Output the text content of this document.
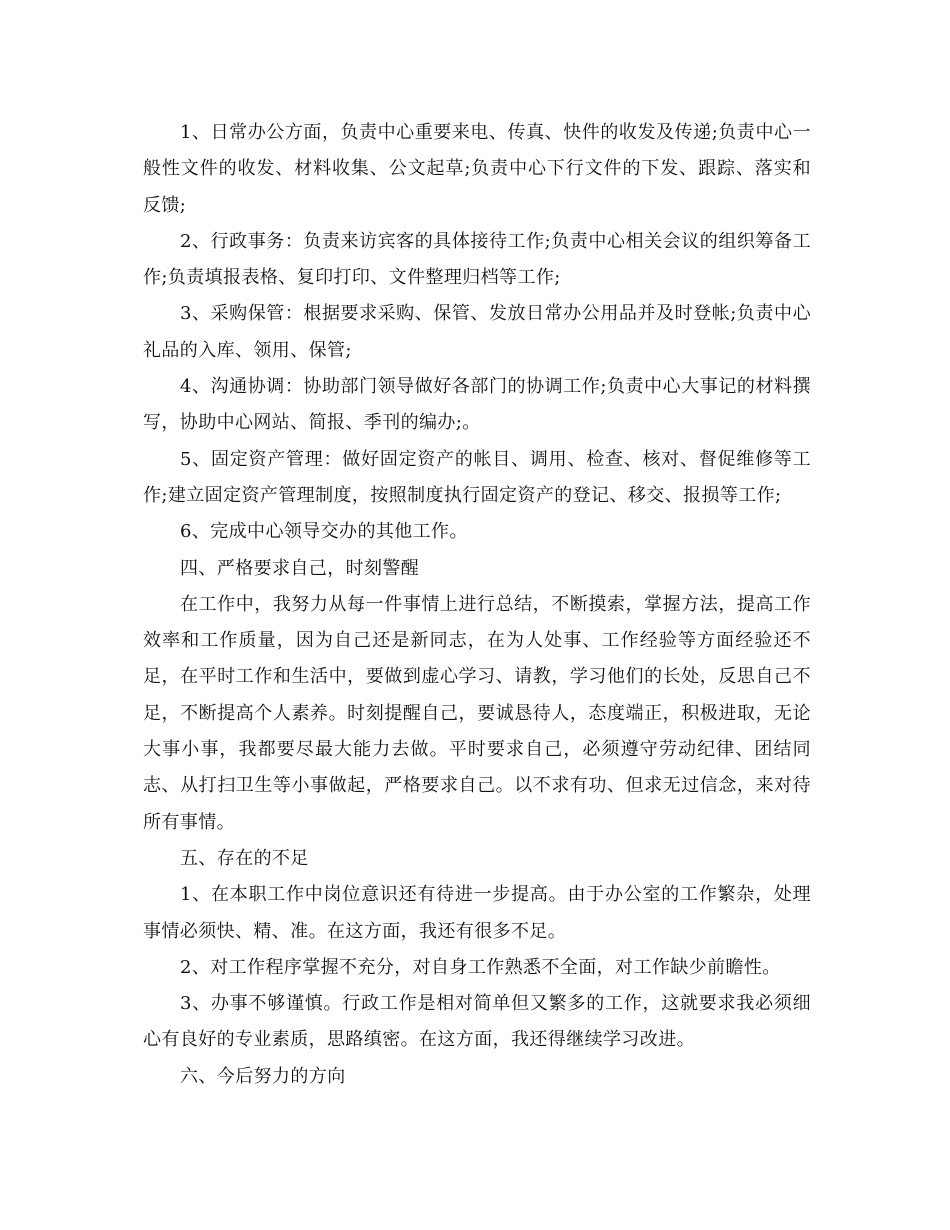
1、日常办公方面，负责中心重要来电、传真、快件的收发及传递;负责中心一般性文件的收发、材料收集、公文起草;负责中心下行文件的下发、跟踪、落实和反馈;

2、行政事务：负责来访宾客的具体接待工作;负责中心相关会议的组织筹备工作;负责填报表格、复印打印、文件整理归档等工作;

3、采购保管：根据要求采购、保管、发放日常办公用品并及时登帐;负责中心礼品的入库、领用、保管;

4、沟通协调：协助部门领导做好各部门的协调工作;负责中心大事记的材料撰写，协助中心网站、简报、季刊的编办;。

5、固定资产管理：做好固定资产的帐目、调用、检查、核对、督促维修等工作;建立固定资产管理制度，按照制度执行固定资产的登记、移交、报损等工作;

6、完成中心领导交办的其他工作。

四、严格要求自己，时刻警醒

在工作中，我努力从每一件事情上进行总结，不断摸索，掌握方法，提高工作效率和工作质量，因为自己还是新同志，在为人处事、工作经验等方面经验还不足，在平时工作和生活中，要做到虚心学习、请教，学习他们的长处，反思自己不足，不断提高个人素养。时刻提醒自己，要诚恳待人，态度端正，积极进取，无论大事小事，我都要尽最大能力去做。平时要求自己，必须遵守劳动纪律、团结同志、从打扫卫生等小事做起，严格要求自己。以不求有功、但求无过信念，来对待所有事情。

五、存在的不足

1、在本职工作中岗位意识还有待进一步提高。由于办公室的工作繁杂，处理事情必须快、精、准。在这方面，我还有很多不足。

2、对工作程序掌握不充分，对自身工作熟悉不全面，对工作缺少前瞻性。

3、办事不够谨慎。行政工作是相对简单但又繁多的工作，这就要求我必须细心有良好的专业素质，思路缜密。在这方面，我还得继续学习改进。

六、今后努力的方向
